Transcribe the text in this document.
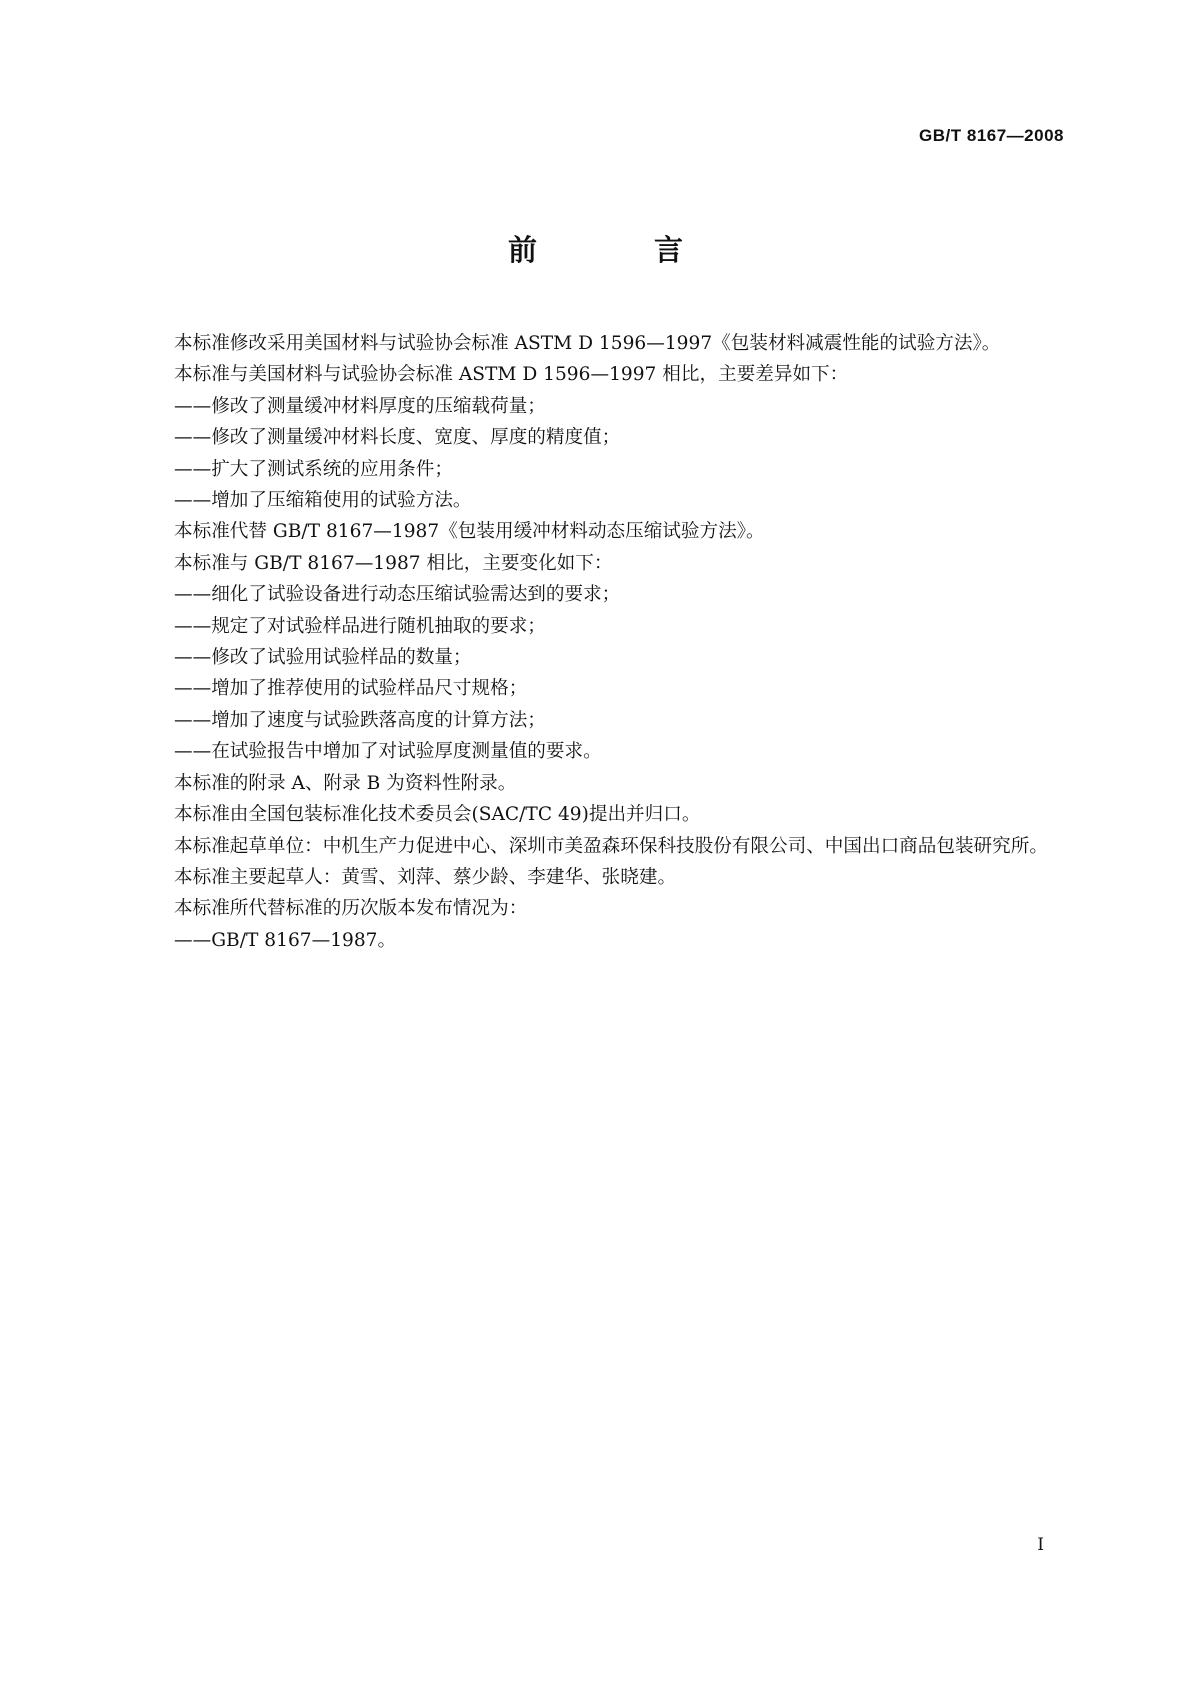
GB/T 8167—2008
前　言

本标准修改采用美国材料与试验协会标准 ASTM D 1596—1997《包装材料减震性能的试验方法》。

本标准与美国材料与试验协会标准 ASTM D 1596—1997 相比，主要差异如下：

——修改了测量缓冲材料厚度的压缩载荷量；

——修改了测量缓冲材料长度、宽度、厚度的精度值；

——扩大了测试系统的应用条件；

——增加了压缩箱使用的试验方法。

本标准代替 GB/T 8167—1987《包装用缓冲材料动态压缩试验方法》。

本标准与 GB/T 8167—1987 相比，主要变化如下：

——细化了试验设备进行动态压缩试验需达到的要求；

——规定了对试验样品进行随机抽取的要求；

——修改了试验用试验样品的数量；

——增加了推荐使用的试验样品尺寸规格；

——增加了速度与试验跌落高度的计算方法；

——在试验报告中增加了对试验厚度测量值的要求。

本标准的附录 A、附录 B 为资料性附录。

本标准由全国包装标准化技术委员会(SAC/TC 49)提出并归口。

本标准起草单位：中机生产力促进中心、深圳市美盈森环保科技股份有限公司、中国出口商品包装研究所。

本标准主要起草人：黄雪、刘萍、蔡少龄、李建华、张晓建。

本标准所代替标准的历次版本发布情况为：

——GB/T 8167—1987。

I
